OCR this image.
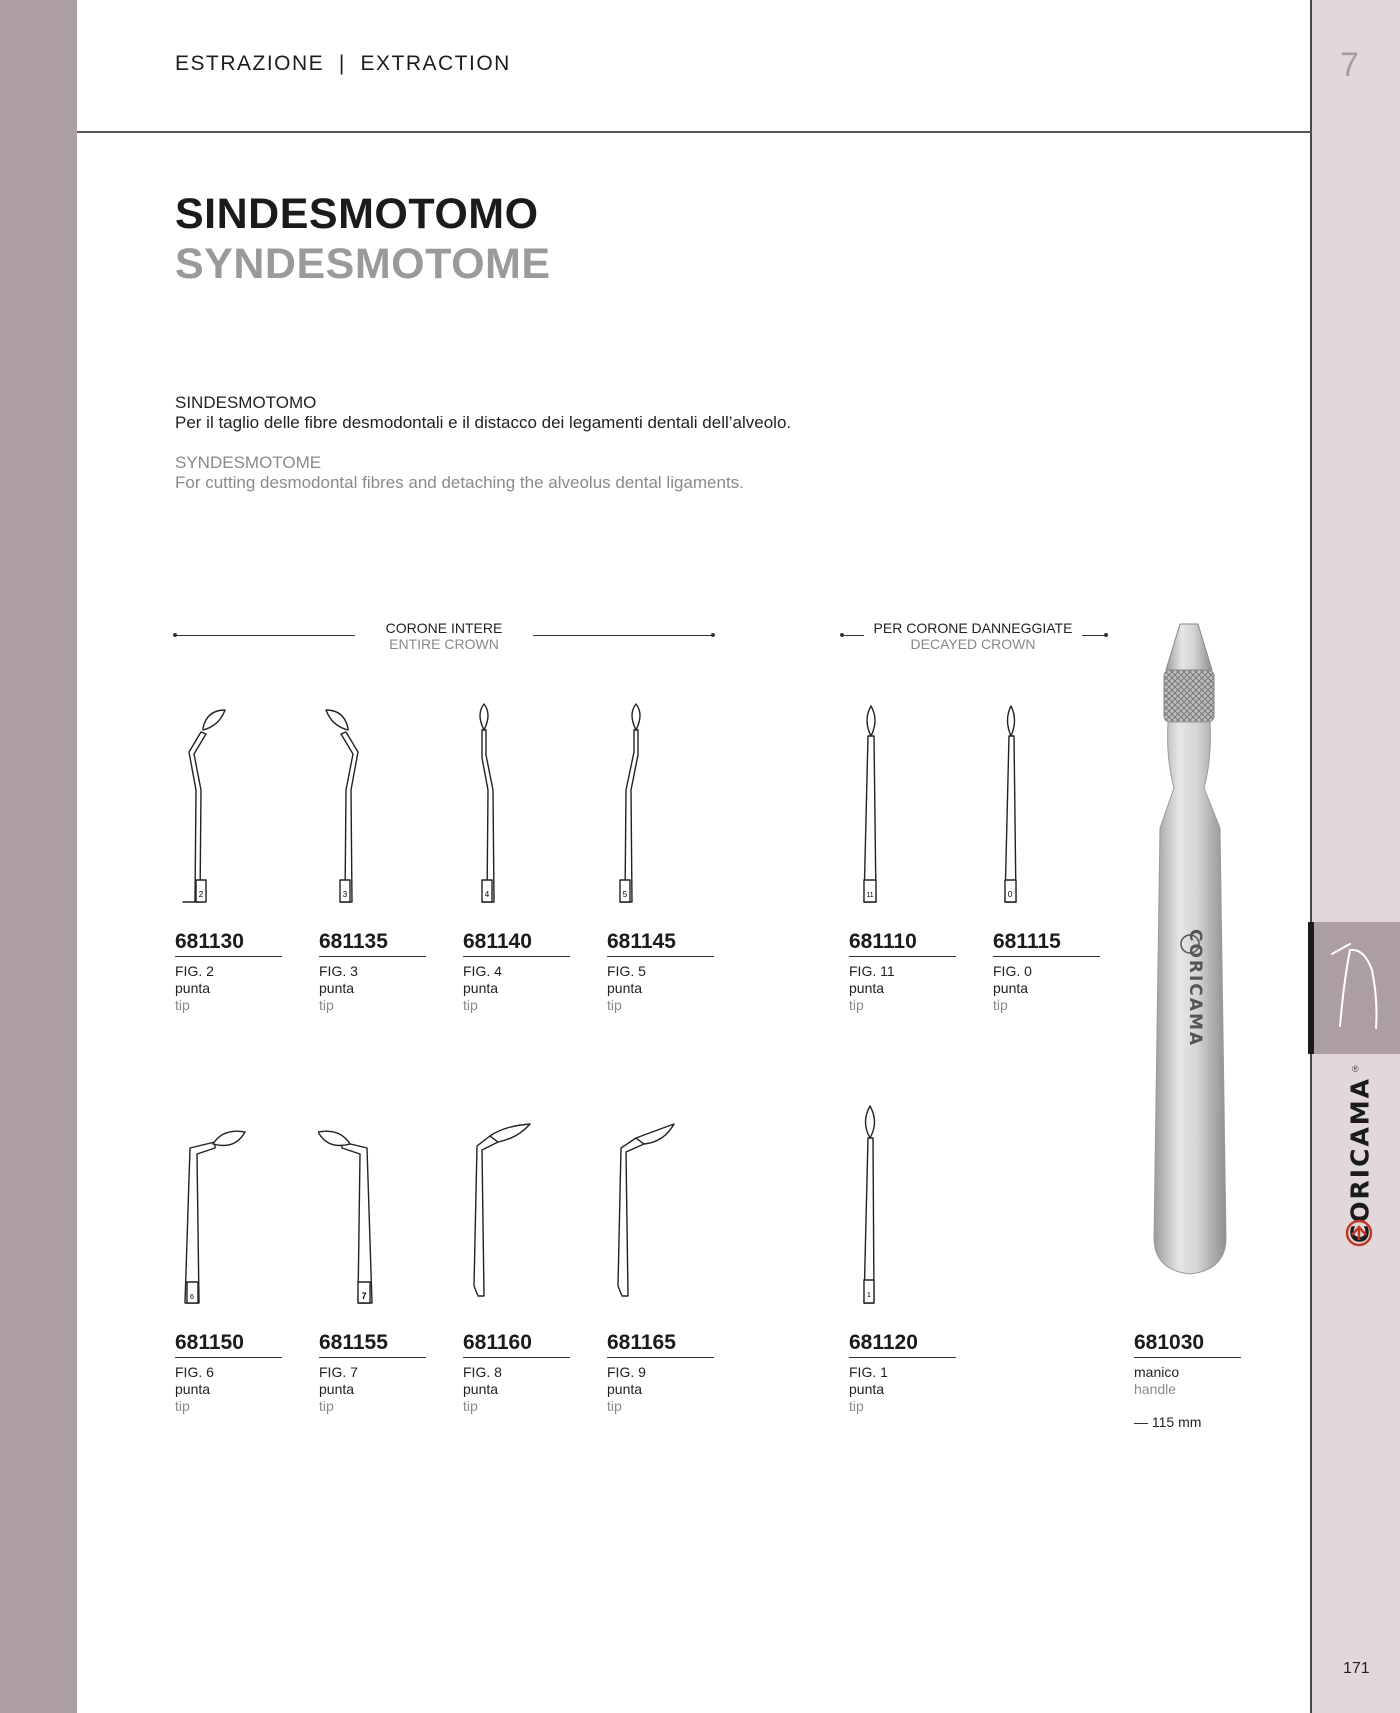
ESTRAZIONE  |  EXTRACTION	7
SINDESMOTOMO
SYNDESMOTOME
SINDESMOTOMO
Per il taglio delle fibre desmodontali e il distacco dei legamenti dentali dell’alveolo.
SYNDESMOTOME
For cutting desmodontal fibres and detaching the alveolus dental ligaments.
CORONE INTERE
ENTIRE CROWN
PER CORONE DANNEGGIATE
DECAYED CROWN
2	3	4	5	11	0
6	7	1
CORICAMA
681130
FIG. 2
punta
tip
681135
FIG. 3
punta
tip
681140
FIG. 4
punta
tip
681145
FIG. 5
punta
tip
681110
FIG. 11
punta
tip
681115
FIG. 0
punta
tip
681150
FIG. 6
punta
tip
681155
FIG. 7
punta
tip
681160
FIG. 8
punta
tip
681165
FIG. 9
punta
tip
681120
FIG. 1
punta
tip
681030
manico
handle
— 115 mm
CORICAMA
®
171
